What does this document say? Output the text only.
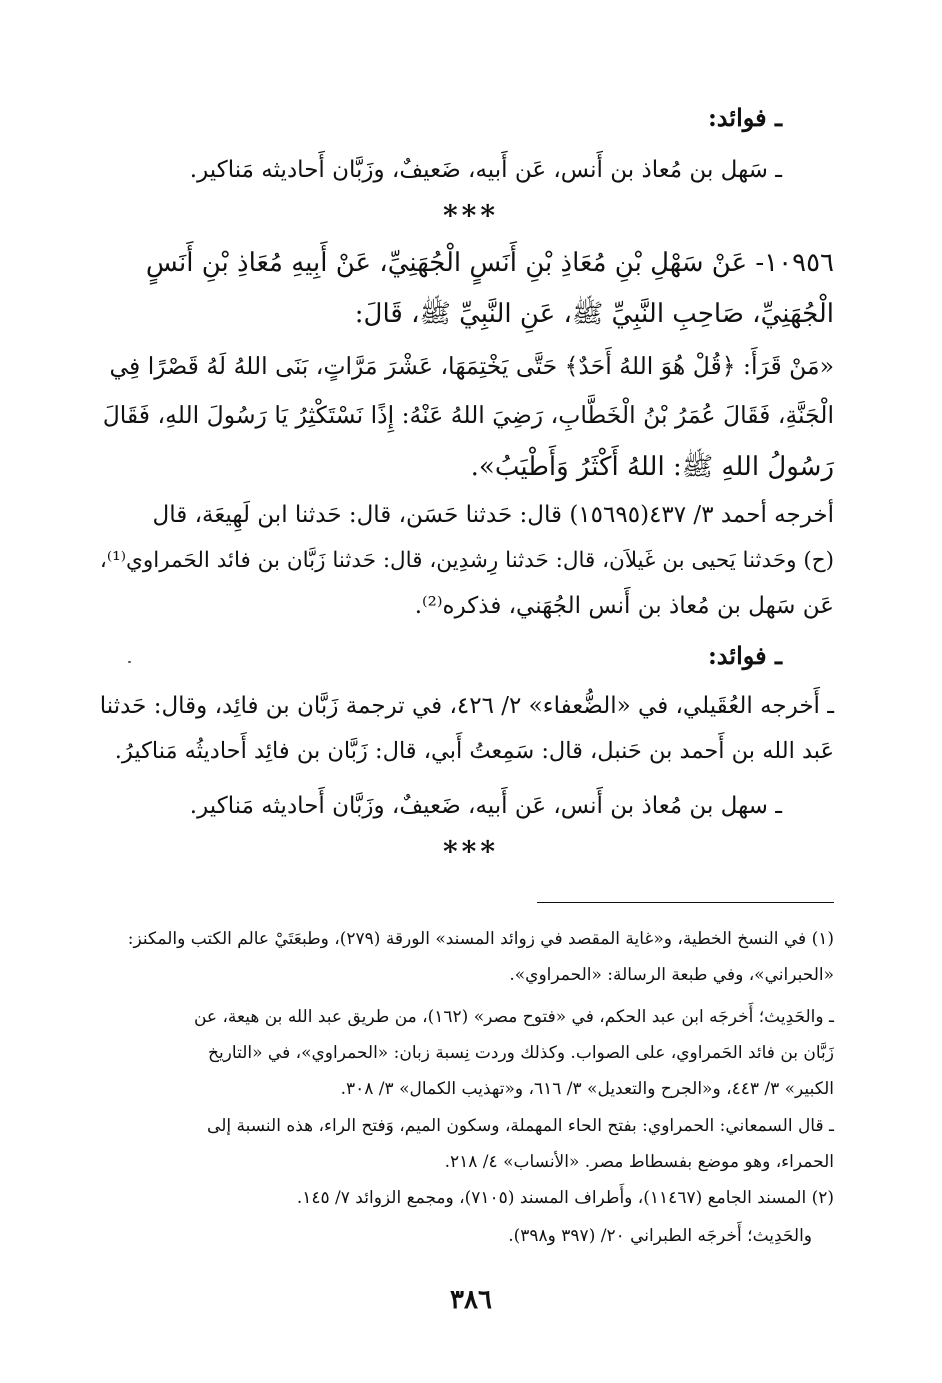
ـ فوائد:
ـ سَهل بن مُعاذ بن أَنس، عَن أَبيه، ضَعيفٌ، وزَبَّان أَحاديثه مَناكير.
***
١٠٩٥٦- عَنْ سَهْلِ بْنِ مُعَاذِ بْنِ أَنَسٍ الْجُهَنِيِّ، عَنْ أَبِيهِ مُعَاذِ بْنِ أَنَسٍ
الْجُهَنِيِّ، صَاحِبِ النَّبِيِّ ﷺ، عَنِ النَّبِيِّ ﷺ، قَالَ:
«مَنْ قَرَأَ: ﴿قُلْ هُوَ اللهُ أَحَدٌ﴾ حَتَّى يَخْتِمَهَا، عَشْرَ مَرَّاتٍ، بَنَى اللهُ لَهُ قَصْرًا فِي
الْجَنَّةِ، فَقَالَ عُمَرُ بْنُ الْخَطَّابِ، رَضِيَ اللهُ عَنْهُ: إِذًا نَسْتَكْثِرُ يَا رَسُولَ اللهِ، فَقَالَ
رَسُولُ اللهِ ﷺ: اللهُ أَكْثَرُ وَأَطْيَبُ».
أخرجه أحمد ٣/ ٤٣٧(١٥٦٩٥) قال: حَدثنا حَسَن، قال: حَدثنا ابن لَهِيعَة، قال
(ح) وحَدثنا يَحيى بن غَيلاَن، قال: حَدثنا رِشدِين، قال: حَدثنا زَبَّان بن فائد الحَمراوي⁽¹⁾،
عَن سَهل بن مُعاذ بن أَنس الجُهَني، فذكره⁽²⁾.
ـ فوائد:
ـ أَخرجه العُقَيلي، في «الضُّعفاء» ٢/ ٤٢٦، في ترجمة زَبَّان بن فائِد، وقال: حَدثنا
عَبد الله بن أَحمد بن حَنبل، قال: سَمِعتُ أَبي، قال: زَبَّان بن فائِد أَحاديثُه مَناكيرُ.
ـ سهل بن مُعاذ بن أَنس، عَن أَبيه، ضَعيفٌ، وزَبَّان أَحاديثه مَناكير.
***
(١) في النسخ الخطية، و«غاية المقصد في زوائد المسند» الورقة (٢٧٩)، وطبعَتَيْ عالم الكتب والمكنز:
«الحبراني»، وفي طبعة الرسالة: «الحمراوي».
ـ والحَدِيث؛ أَخرجَه ابن عبد الحكم، في «فتوح مصر» (١٦٢)، من طريق عبد الله بن هيعة، عن
زَبَّان بن فائد الحَمراوي، على الصواب. وكذلك وردت نِسبة زبان: «الحمراوي»، في «التاريخ
الكبير» ٣/ ٤٤٣، و«الجرح والتعديل» ٣/ ٦١٦، و«تهذيب الكمال» ٣/ ٣٠٨.
ـ قال السمعاني: الحمراوي: بفتح الحاء المهملة، وسكون الميم، وَفتح الراء، هذه النسبة إلى
الحمراء، وهو موضع بفسطاط مصر. «الأنساب» ٤/ ٢١٨.
(٢) المسند الجامع (١١٤٦٧)، وأَطراف المسند (٧١٠٥)، ومجمع الزوائد ٧/ ١٤٥.
والحَدِيث؛ أَخرجَه الطبراني ٢٠/ (٣٩٧ و٣٩٨).
٣٨٦
